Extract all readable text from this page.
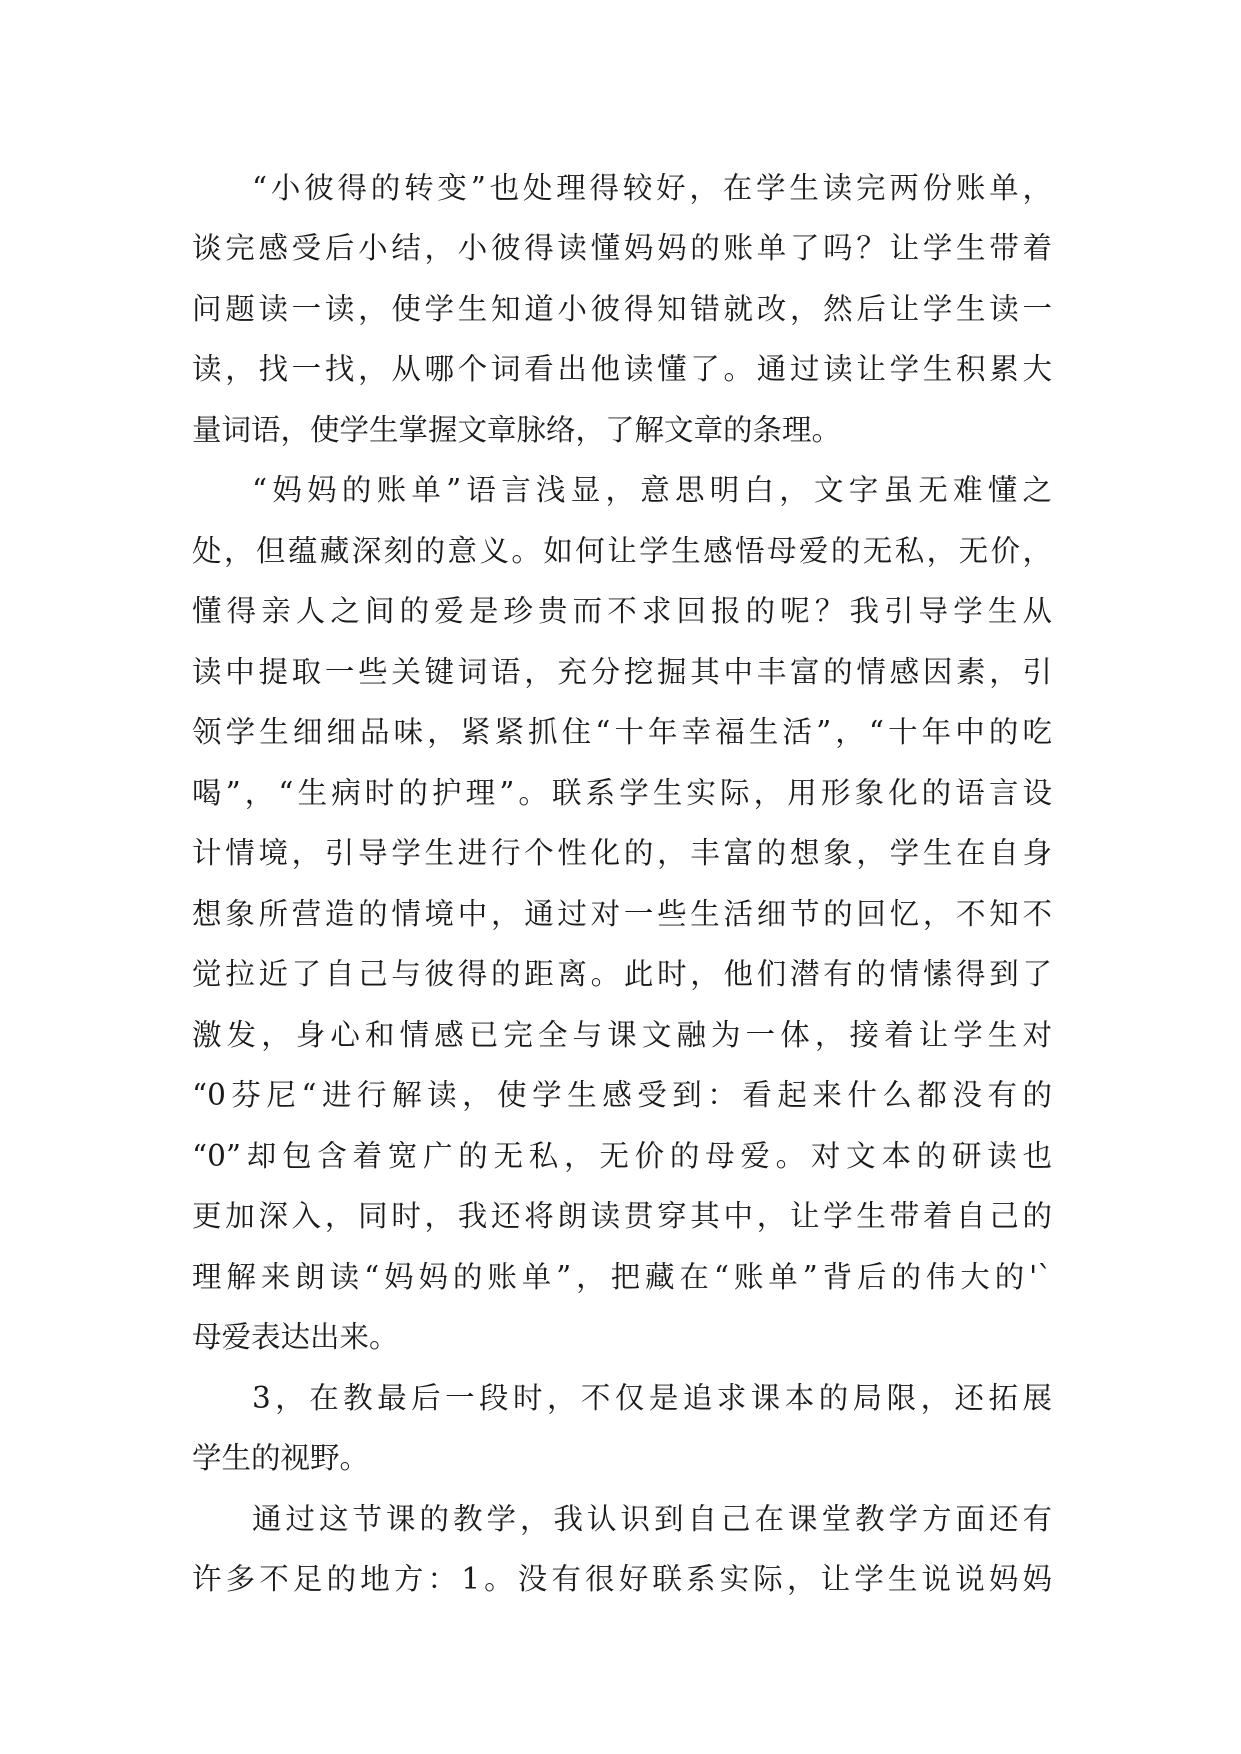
“小彼得的转变”也处理得较好，在学生读完两份账单，
谈完感受后小结，小彼得读懂妈妈的账单了吗？让学生带着
问题读一读，使学生知道小彼得知错就改，然后让学生读一
读，找一找，从哪个词看出他读懂了。通过读让学生积累大
量词语，使学生掌握文章脉络，了解文章的条理。
“妈妈的账单”语言浅显，意思明白，文字虽无难懂之
处，但蕴藏深刻的意义。如何让学生感悟母爱的无私，无价，
懂得亲人之间的爱是珍贵而不求回报的呢？我引导学生从
读中提取一些关键词语，充分挖掘其中丰富的情感因素，引
领学生细细品味，紧紧抓住“十年幸福生活”，“十年中的吃
喝”，“生病时的护理”。联系学生实际，用形象化的语言设
计情境，引导学生进行个性化的，丰富的想象，学生在自身
想象所营造的情境中，通过对一些生活细节的回忆，不知不
觉拉近了自己与彼得的距离。此时，他们潜有的情愫得到了
激发，身心和情感已完全与课文融为一体，接着让学生对
“0芬尼“进行解读，使学生感受到：看起来什么都没有的
“0”却包含着宽广的无私，无价的母爱。对文本的研读也
更加深入，同时，我还将朗读贯穿其中，让学生带着自己的
理解来朗读“妈妈的账单”，把藏在“账单”背后的伟大的'`
母爱表达出来。
3，在教最后一段时，不仅是追求课本的局限，还拓展
学生的视野。
通过这节课的教学，我认识到自己在课堂教学方面还有
许多不足的地方：1。没有很好联系实际，让学生说说妈妈
